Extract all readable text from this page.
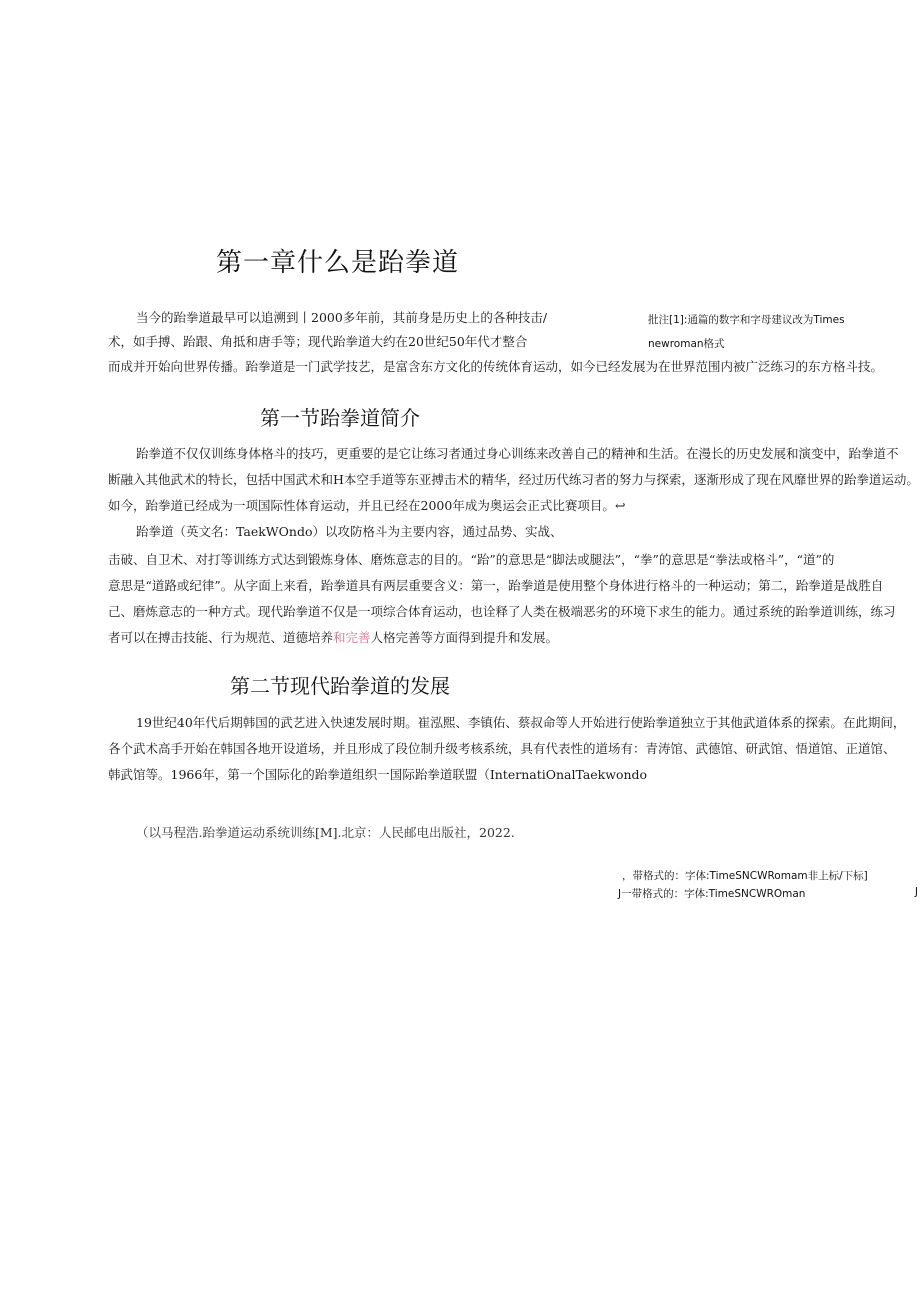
第一章什么是跆拳道
当今的跆拳道最早可以追溯到丨2000多年前，其前身是历史上的各种技击/
术，如手搏、跆跟、角抵和唐手等；现代跆拳道大约在20世纪50年代才整合
而成并开始向世界传播。跆拳道是一门武学技艺，是富含东方文化的传统体育运动，如今已经发展为在世界范围内被广泛练习的东方格斗技。
批注[1]:通篇的数字和字母建议改为Times
newroman格式
第一节跆拳道简介
跆拳道不仅仅训练身体格斗的技巧，更重要的是它让练习者通过身心训练来改善自己的精神和生活。在漫长的历史发展和演变中，跆拳道不
断融入其他武术的特长，包括中国武术和H本空手道等东亚搏击术的精华，经过历代练习者的努力与探索，逐渐形成了现在风靡世界的跆拳道运动。
如今，跆拳道已经成为一项国际性体育运动，并且已经在2000年成为奥运会正式比赛项目。↩
跆拳道（英文名：TaekWOndo）以攻防格斗为主要内容，通过品势、实战、
击破、自卫术、对打等训练方式达到锻炼身体、磨炼意志的目的。“跆”的意思是“脚法或腿法”，“拳”的意思是“拳法或格斗”，“道”的
意思是“道路或纪律”。从字面上来看，跆拳道具有两层重要含义：第一，跆拳道是使用整个身体进行格斗的一种运动；第二，跆拳道是战胜自
己、磨炼意志的一种方式。现代跆拳道不仅是一项综合体育运动，也诠释了人类在极端恶劣的环境下求生的能力。通过系统的跆拳道训练，练习
者可以在搏击技能、行为规范、道德培养和完善人格完善等方面得到提升和发展。
第二节现代跆拳道的发展
19世纪40年代后期韩国的武艺进入快速发展时期。崔泓熙、李镇佑、蔡叔命等人开始进行使跆拳道独立于其他武道体系的探索。在此期间，
各个武术高手开始在韩国各地开设道场，并且形成了段位制升级考核系统，具有代表性的道场有：青涛馆、武德馆、研武馆、悟道馆、正道馆、
韩武馆等。1966年，第一个国际化的跆拳道组织一国际跆拳道联盟（InternatiOnalTaekwondo
（以马程浩.跆拳道运动系统训练[M].北京：人民邮电出版社，2022.
，带格式的：字体:TimeSNCWRomam非上标/下标]
J一带格式的：字体:TimeSNCWROman	J
